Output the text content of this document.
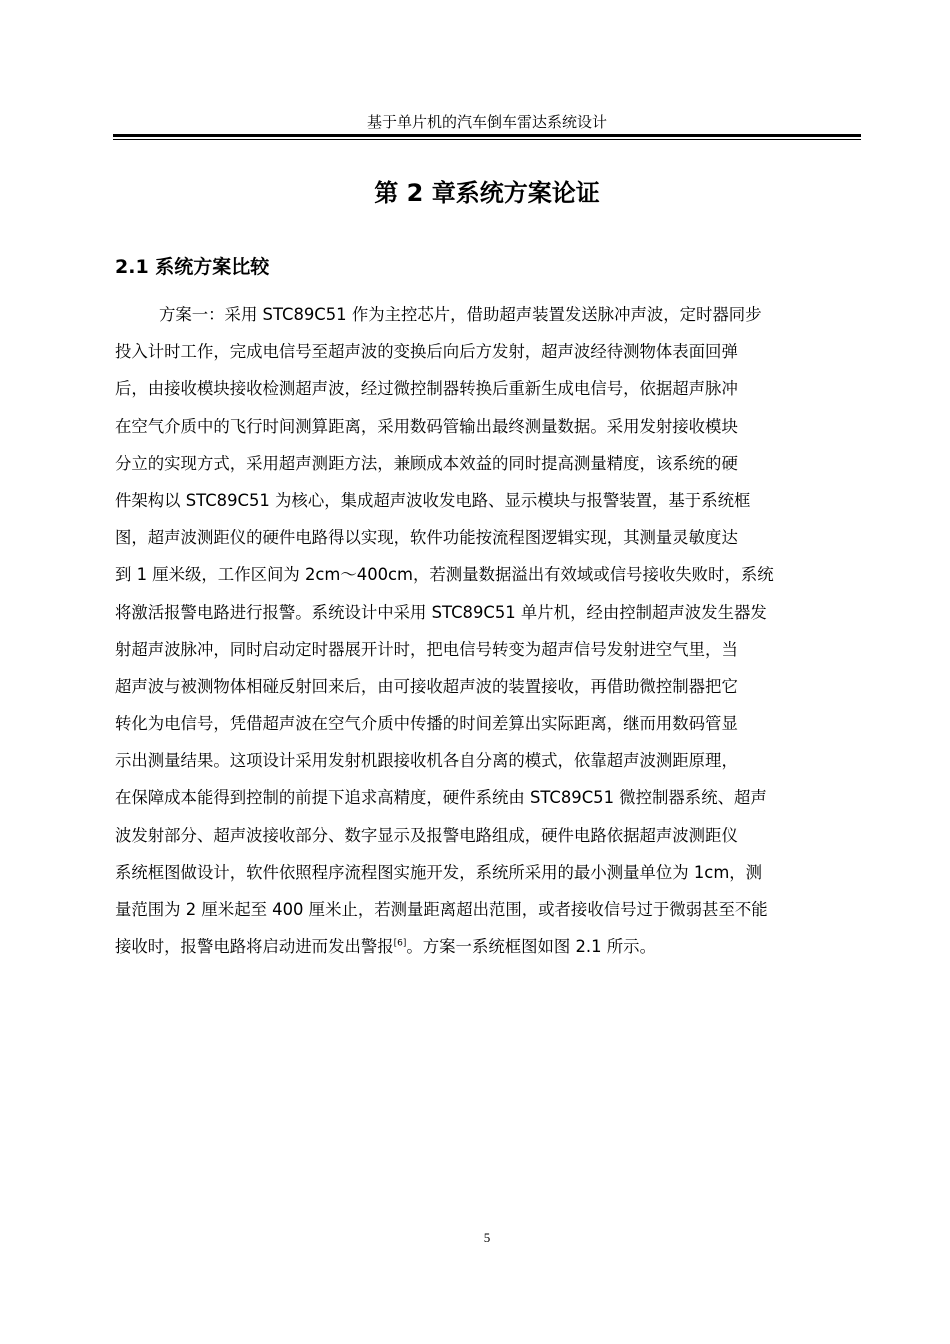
基于单片机的汽车倒车雷达系统设计
第 2 章系统方案论证
2.1 系统方案比较
方案一：采用 STC89C51 作为主控芯片，借助超声装置发送脉冲声波，定时器同步
投入计时工作，完成电信号至超声波的变换后向后方发射，超声波经待测物体表面回弹
后，由接收模块接收检测超声波，经过微控制器转换后重新生成电信号，依据超声脉冲
在空气介质中的飞行时间测算距离，采用数码管输出最终测量数据。采用发射接收模块
分立的实现方式，采用超声测距方法，兼顾成本效益的同时提高测量精度，该系统的硬
件架构以 STC89C51 为核心，集成超声波收发电路、显示模块与报警装置，基于系统框
图，超声波测距仪的硬件电路得以实现，软件功能按流程图逻辑实现，其测量灵敏度达
到 1 厘米级，工作区间为 2cm～400cm，若测量数据溢出有效域或信号接收失败时，系统
将激活报警电路进行报警。系统设计中采用 STC89C51 单片机，经由控制超声波发生器发
射超声波脉冲，同时启动定时器展开计时，把电信号转变为超声信号发射进空气里，当
超声波与被测物体相碰反射回来后，由可接收超声波的装置接收，再借助微控制器把它
转化为电信号，凭借超声波在空气介质中传播的时间差算出实际距离，继而用数码管显
示出测量结果。这项设计采用发射机跟接收机各自分离的模式，依靠超声波测距原理，
在保障成本能得到控制的前提下追求高精度，硬件系统由 STC89C51 微控制器系统、超声
波发射部分、超声波接收部分、数字显示及报警电路组成，硬件电路依据超声波测距仪
系统框图做设计，软件依照程序流程图实施开发，系统所采用的最小测量单位为 1cm，测
量范围为 2 厘米起至 400 厘米止，若测量距离超出范围，或者接收信号过于微弱甚至不能
接收时，报警电路将启动进而发出警报[6]。方案一系统框图如图 2.1 所示。
5
